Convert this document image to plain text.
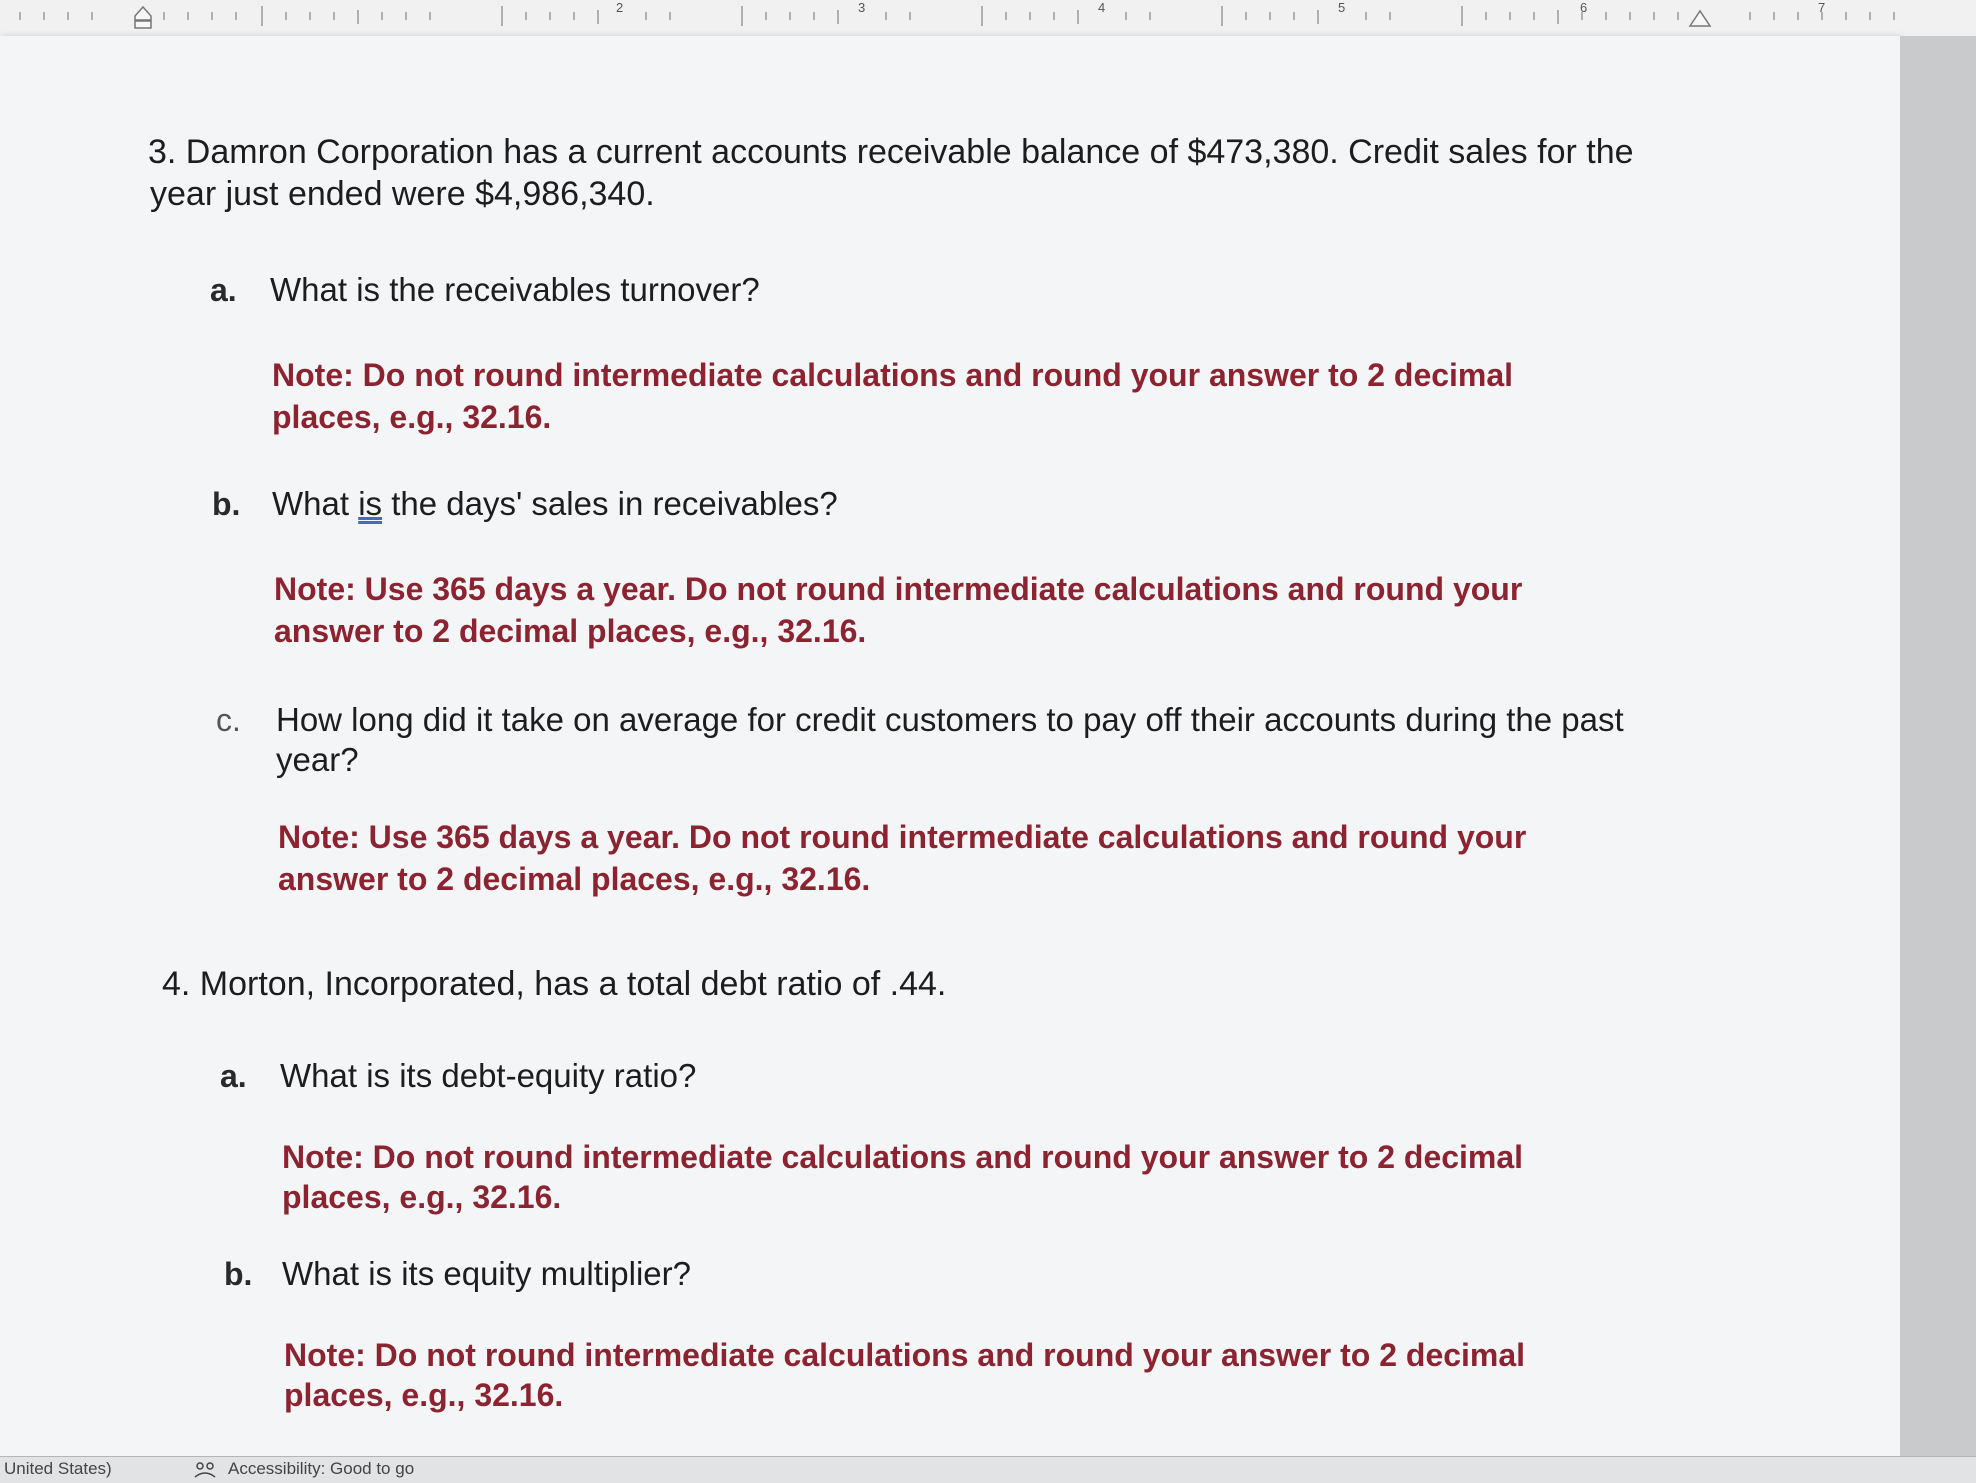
2	3	4	5	6	7
3. Damron Corporation has a current accounts receivable balance of $473,380. Credit sales for the
year just ended were $4,986,340.
a. What is the receivables turnover?
Note: Do not round intermediate calculations and round your answer to 2 decimal
places, e.g., 32.16.
b. What is the days' sales in receivables?
Note: Use 365 days a year. Do not round intermediate calculations and round your
answer to 2 decimal places, e.g., 32.16.
c. How long did it take on average for credit customers to pay off their accounts during the past
year?
Note: Use 365 days a year. Do not round intermediate calculations and round your
answer to 2 decimal places, e.g., 32.16.
4. Morton, Incorporated, has a total debt ratio of .44.
a. What is its debt-equity ratio?
Note: Do not round intermediate calculations and round your answer to 2 decimal
places, e.g., 32.16.
b. What is its equity multiplier?
Note: Do not round intermediate calculations and round your answer to 2 decimal
places, e.g., 32.16.
United States)	Accessibility: Good to go
